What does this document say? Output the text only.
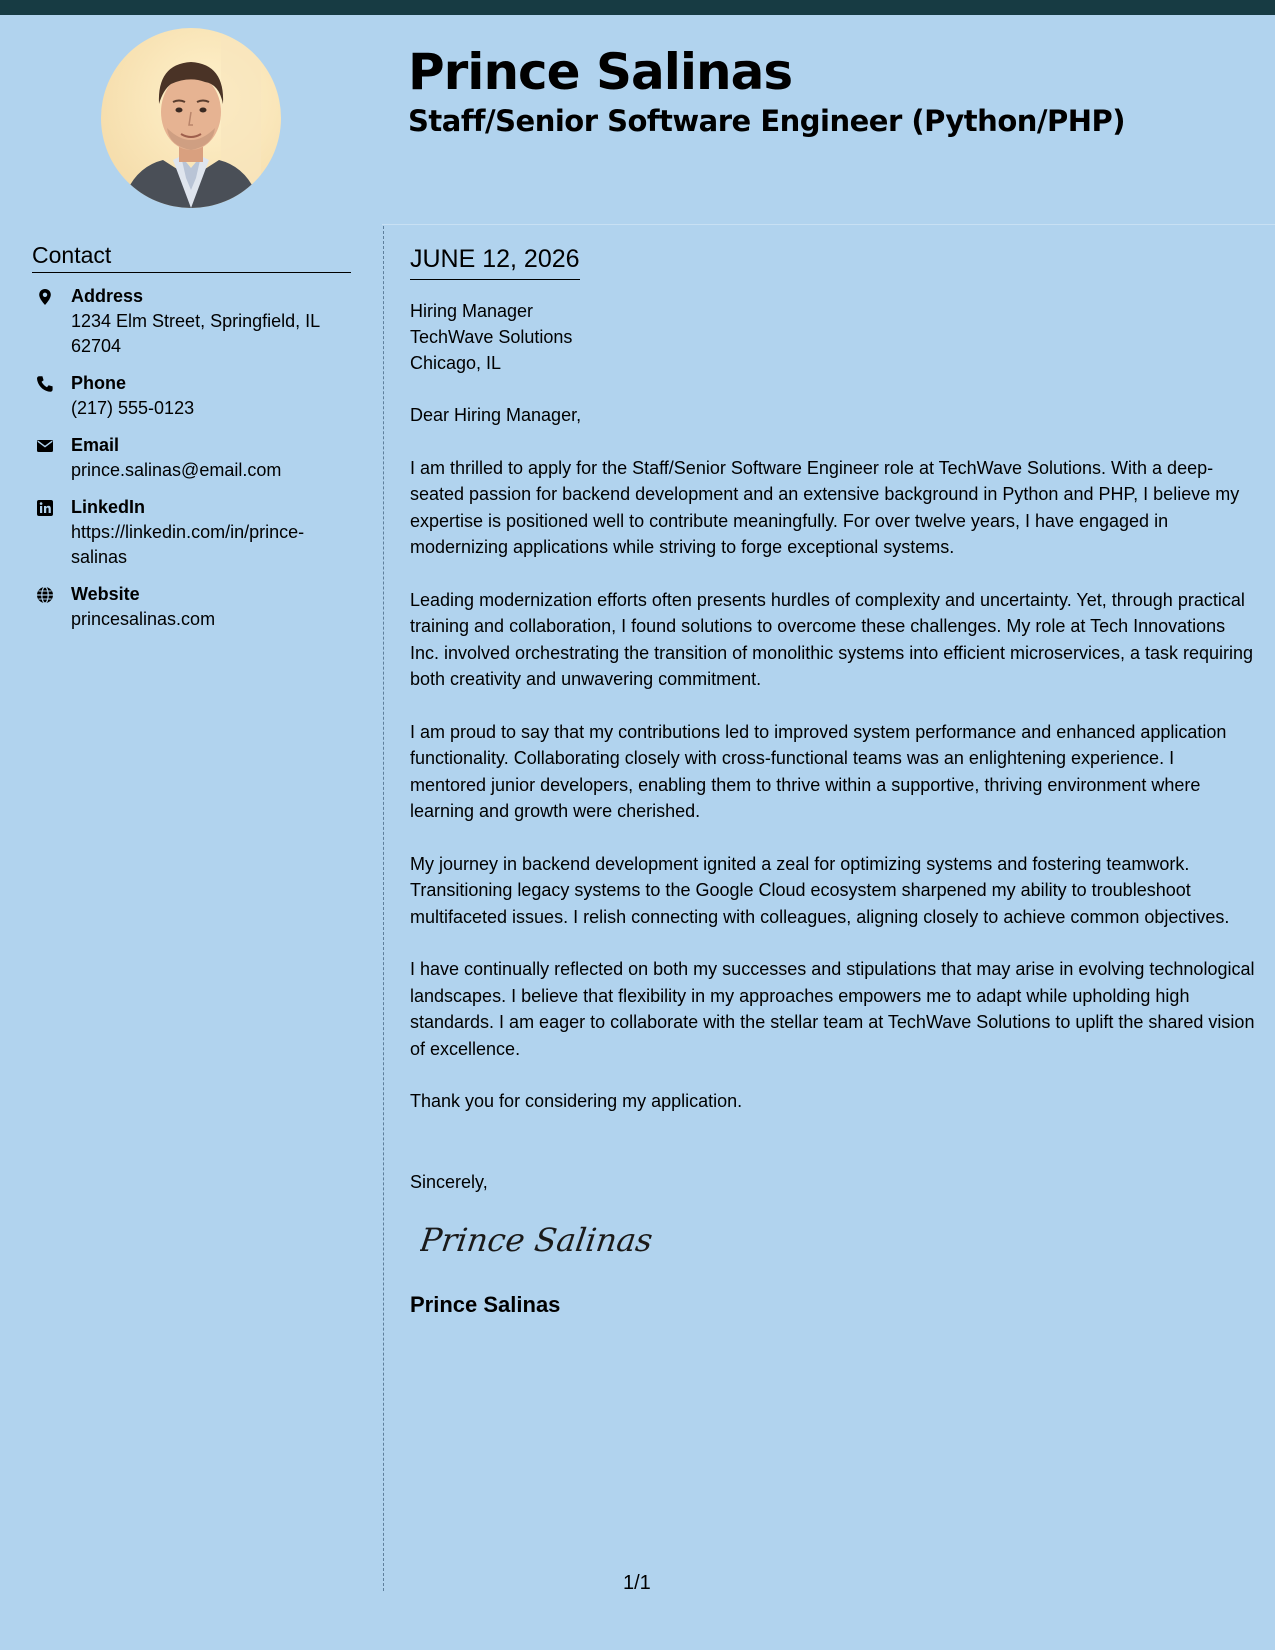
Prince Salinas
Staff/Senior Software Engineer (Python/PHP)
Contact
Address
1234 Elm Street, Springfield, IL 62704
Phone
(217) 555-0123
Email
prince.salinas@email.com
LinkedIn
https://linkedin.com/in/prince-salinas
Website
princesalinas.com
JUNE 12, 2026
Hiring Manager
TechWave Solutions
Chicago, IL

Dear Hiring Manager,

I am thrilled to apply for the Staff/Senior Software Engineer role at TechWave Solutions. With a deep-seated passion for backend development and an extensive background in Python and PHP, I believe my expertise is positioned well to contribute meaningfully. For over twelve years, I have engaged in modernizing applications while striving to forge exceptional systems.

Leading modernization efforts often presents hurdles of complexity and uncertainty. Yet, through practical training and collaboration, I found solutions to overcome these challenges. My role at Tech Innovations Inc. involved orchestrating the transition of monolithic systems into efficient microservices, a task requiring both creativity and unwavering commitment.

I am proud to say that my contributions led to improved system performance and enhanced application functionality. Collaborating closely with cross-functional teams was an enlightening experience. I mentored junior developers, enabling them to thrive within a supportive, thriving environment where learning and growth were cherished.

My journey in backend development ignited a zeal for optimizing systems and fostering teamwork. Transitioning legacy systems to the Google Cloud ecosystem sharpened my ability to troubleshoot multifaceted issues. I relish connecting with colleagues, aligning closely to achieve common objectives.

I have continually reflected on both my successes and stipulations that may arise in evolving technological landscapes. I believe that flexibility in my approaches empowers me to adapt while upholding high standards. I am eager to collaborate with the stellar team at TechWave Solutions to uplift the shared vision of excellence.

Thank you for considering my application.

Sincerely,
Prince Salinas
Prince Salinas
1/1
